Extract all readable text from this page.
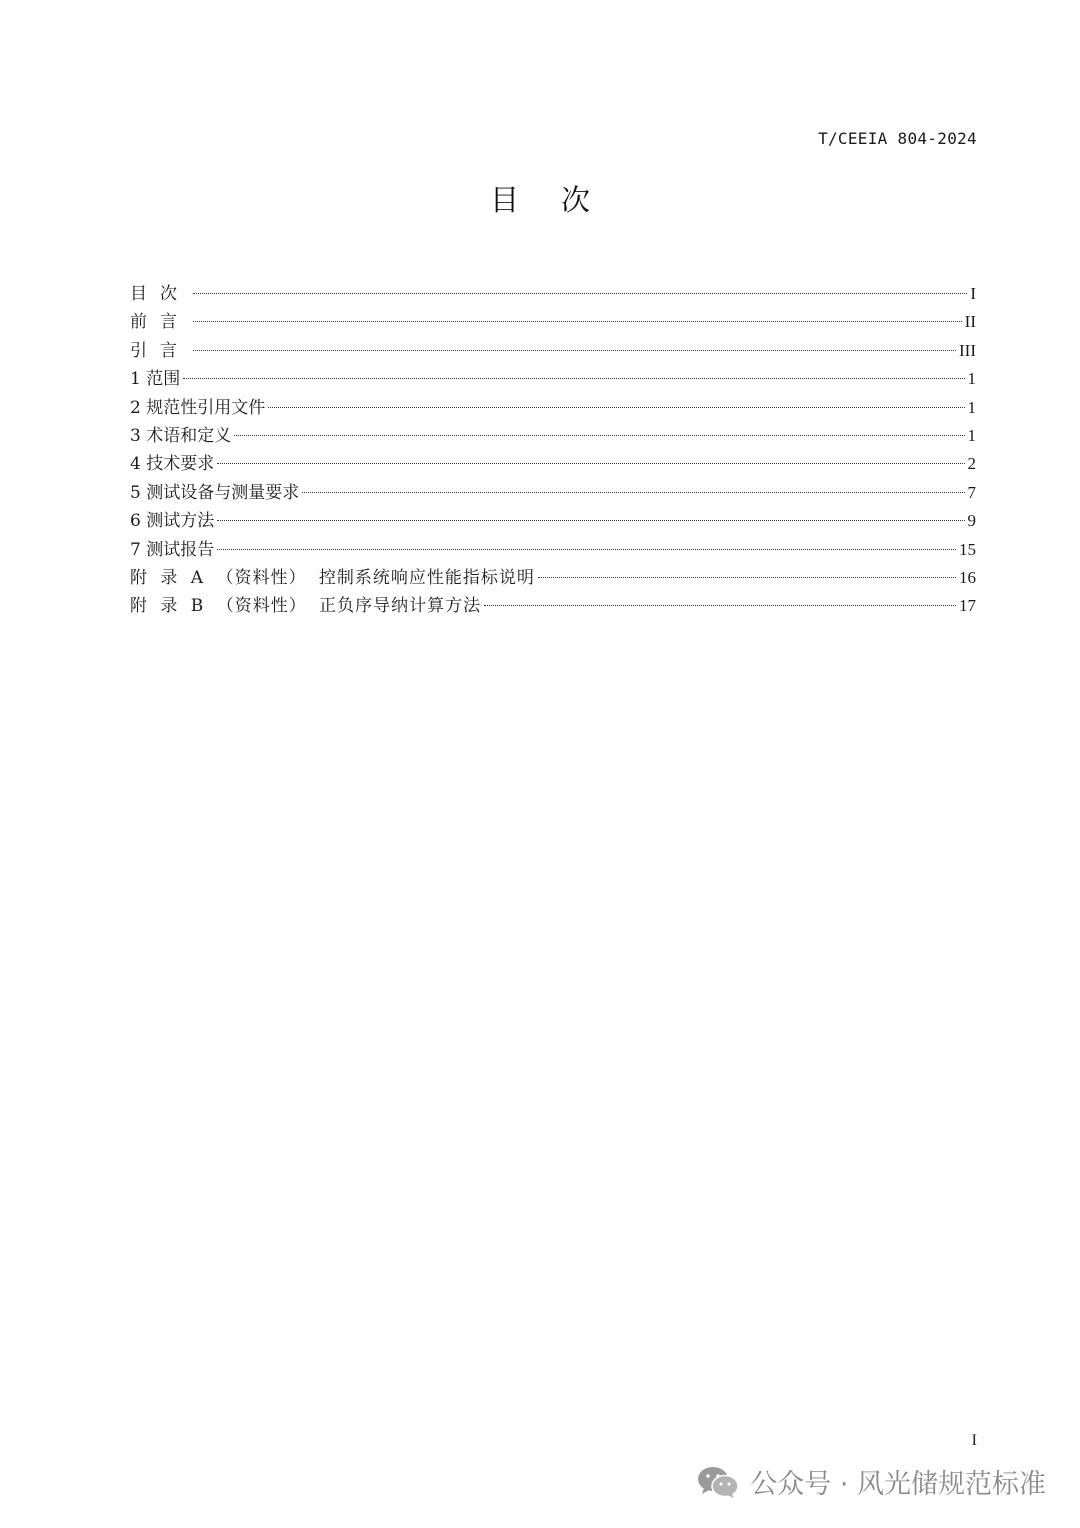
T/CEEIA 804-2024
目次
目次	I
前言	II
引言	III
1 范围	1
2 规范性引用文件	1
3 术语和定义	1
4 技术要求	2
5 测试设备与测量要求	7
6 测试方法	9
7 测试报告	15
附 录 A （资料性） 控制系统响应性能指标说明	16
附 录 B （资料性） 正负序导纳计算方法	17
I
公众号 · 风光储规范标准
